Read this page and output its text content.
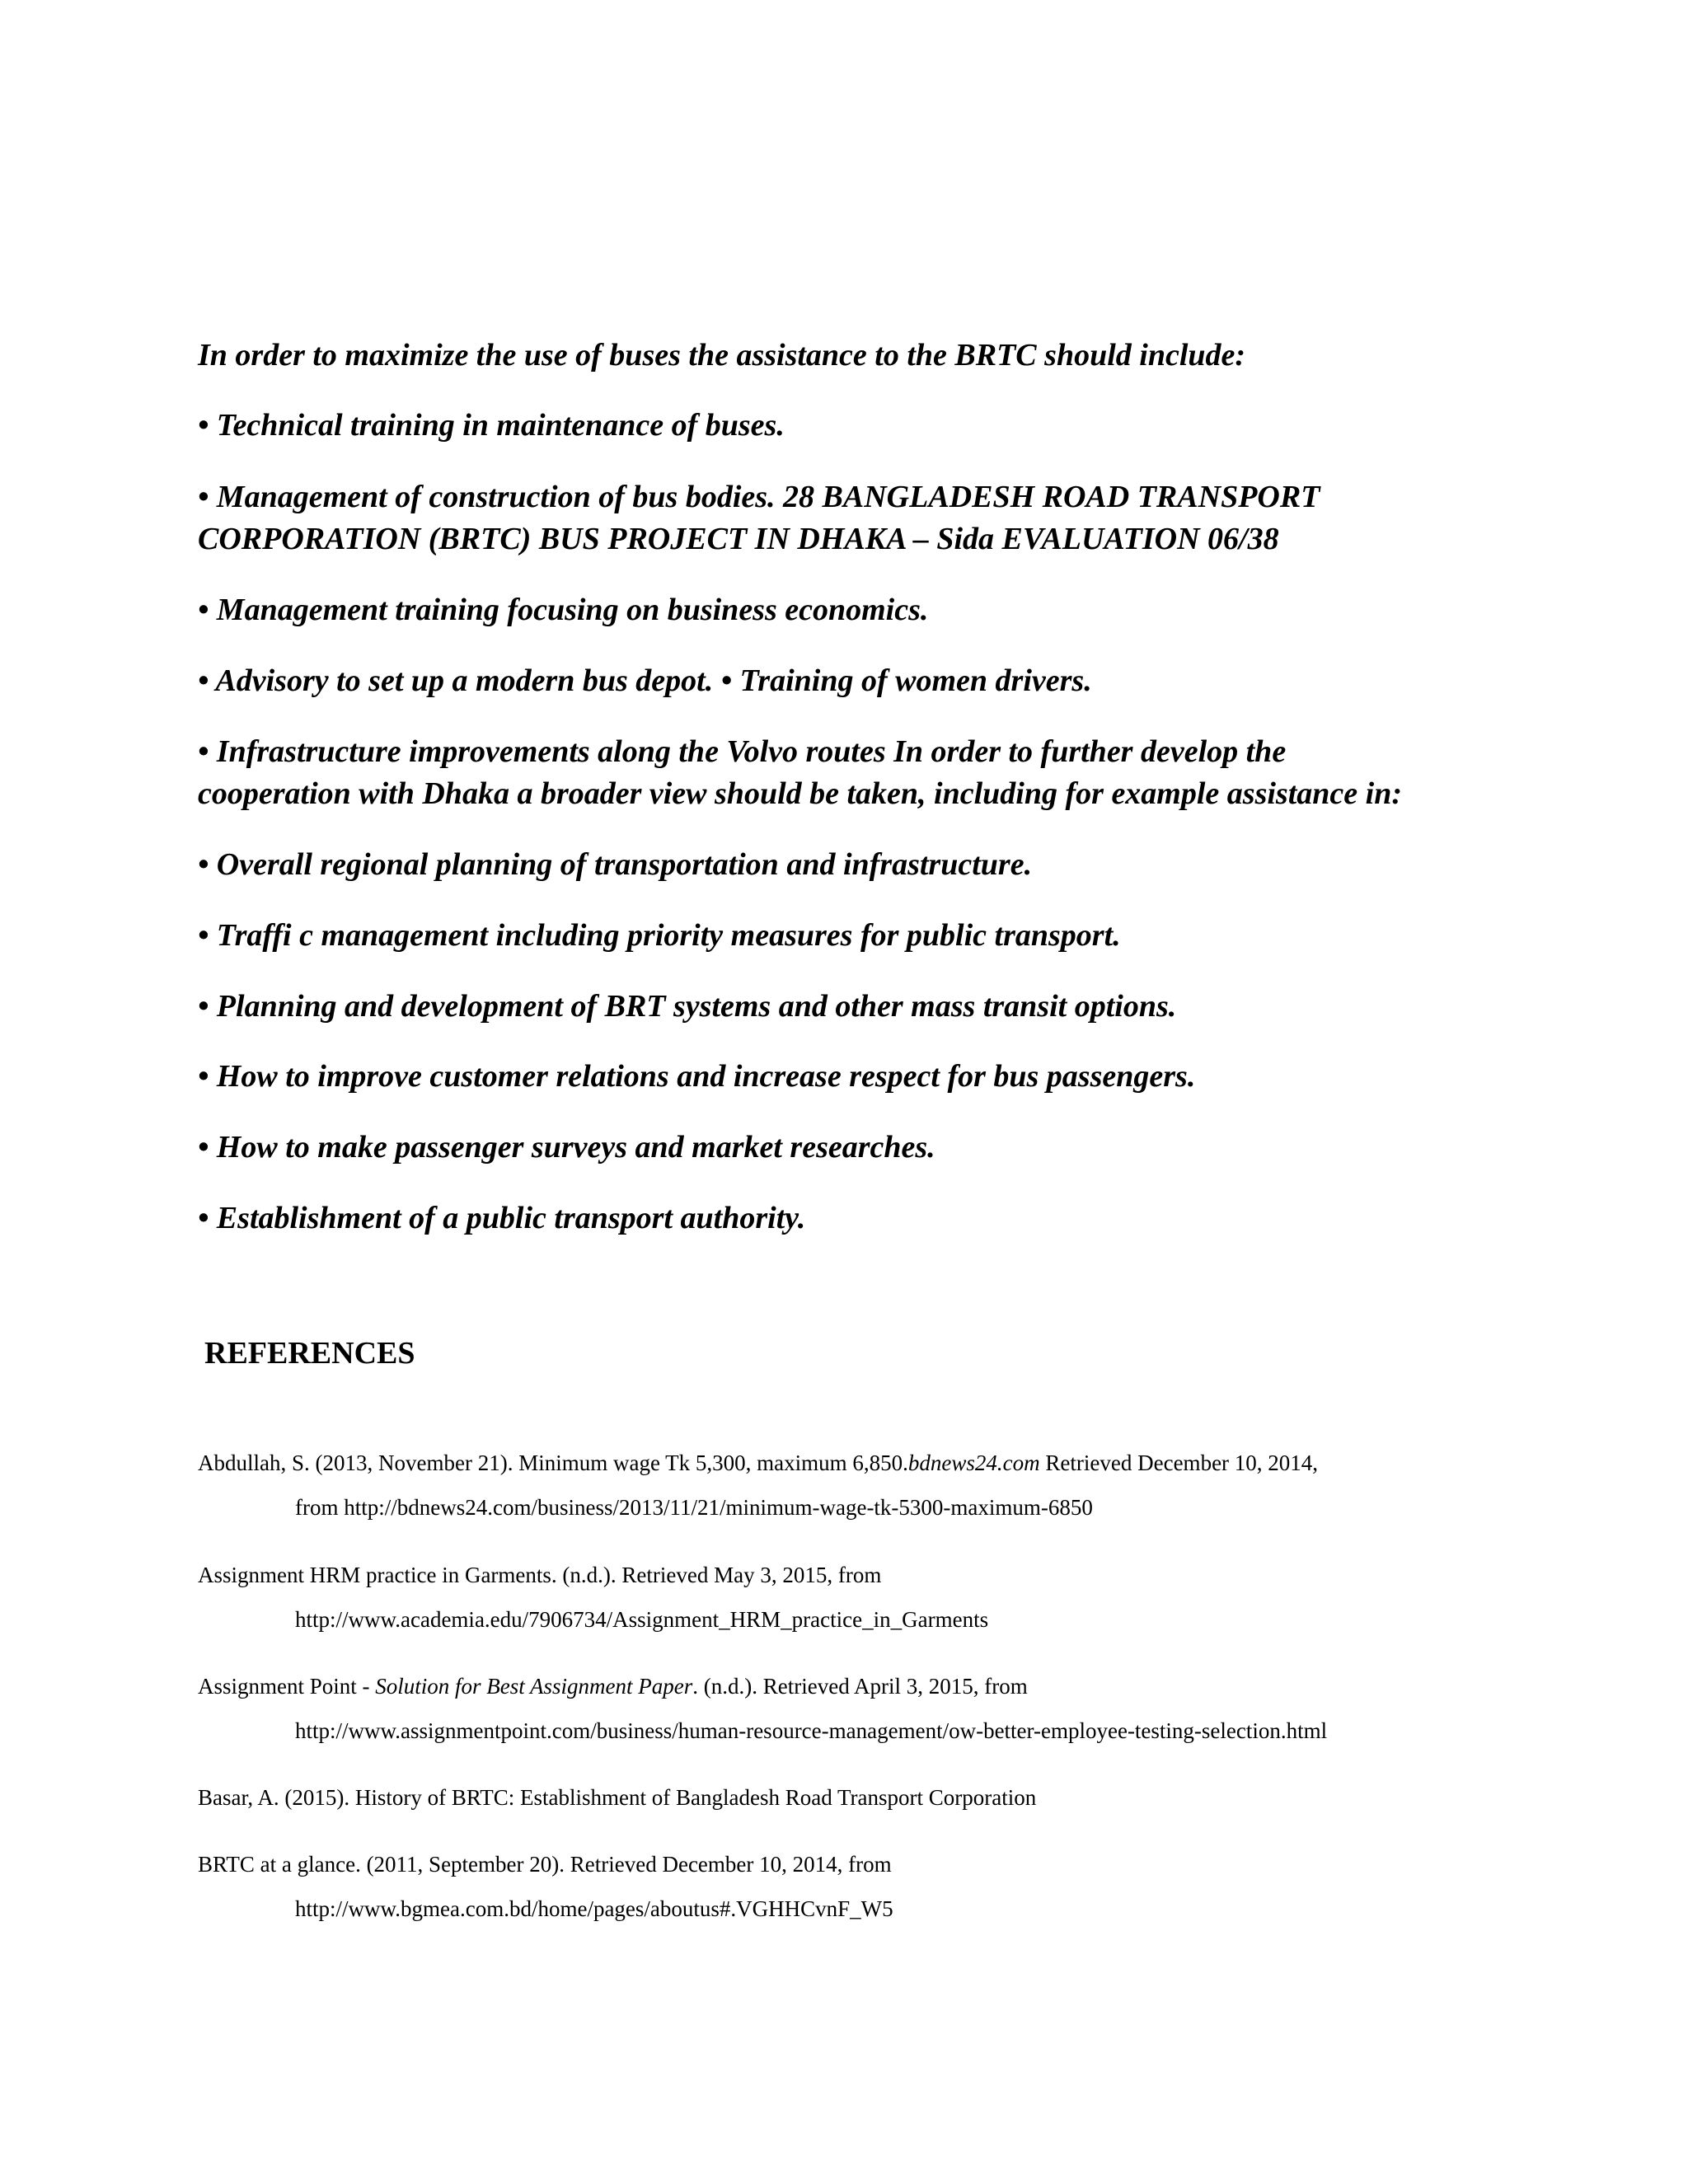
In order to maximize the use of buses the assistance to the BRTC should include:
• Technical training in maintenance of buses.
• Management of construction of bus bodies. 28 BANGLADESH ROAD TRANSPORT
CORPORATION (BRTC) BUS PROJECT IN DHAKA – Sida EVALUATION 06/38
• Management training focusing on business economics.
• Advisory to set up a modern bus depot. • Training of women drivers.
• Infrastructure improvements along the Volvo routes In order to further develop the
cooperation with Dhaka a broader view should be taken, including for example assistance in:
• Overall regional planning of transportation and infrastructure.
• Traffi c management including priority measures for public transport.
• Planning and development of BRT systems and other mass transit options.
• How to improve customer relations and increase respect for bus passengers.
• How to make passenger surveys and market researches.
• Establishment of a public transport authority.
REFERENCES
Abdullah, S. (2013, November 21). Minimum wage Tk 5,300, maximum 6,850.bdnews24.com Retrieved December 10, 2014,
from http://bdnews24.com/business/2013/11/21/minimum-wage-tk-5300-maximum-6850
Assignment HRM practice in Garments. (n.d.). Retrieved May 3, 2015, from
http://www.academia.edu/7906734/Assignment_HRM_practice_in_Garments
Assignment Point - Solution for Best Assignment Paper. (n.d.). Retrieved April 3, 2015, from
http://www.assignmentpoint.com/business/human-resource-management/ow-better-employee-testing-selection.html
Basar, A. (2015). History of BRTC: Establishment of Bangladesh Road Transport Corporation
BRTC at a glance. (2011, September 20). Retrieved December 10, 2014, from
http://www.bgmea.com.bd/home/pages/aboutus#.VGHHCvnF_W5
